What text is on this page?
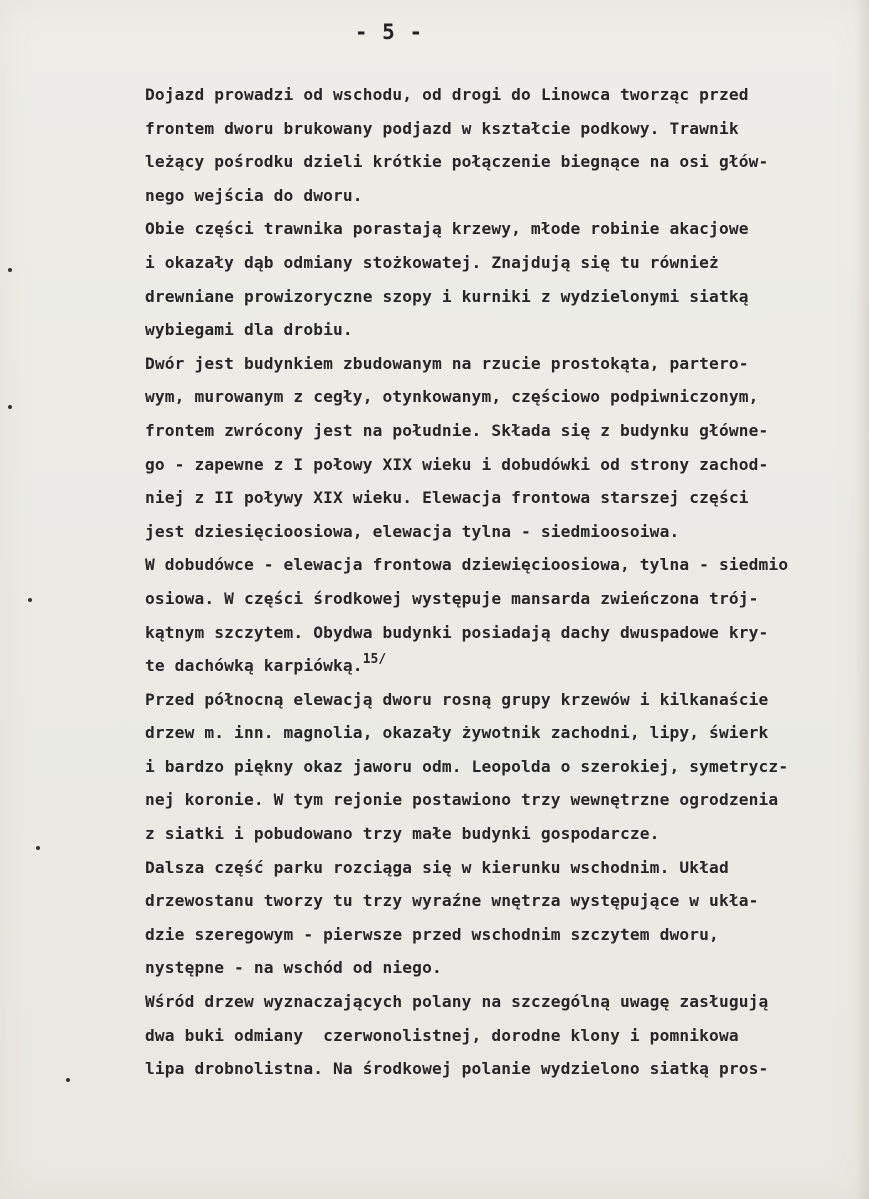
- 5 -
Dojazd prowadzi od wschodu, od drogi do Linowca tworząc przed
frontem dworu brukowany podjazd w kształcie podkowy. Trawnik
leżący pośrodku dzieli krótkie połączenie biegnące na osi głów-
nego wejścia do dworu.
Obie części trawnika porastają krzewy, młode robinie akacjowe
i okazały dąb odmiany stożkowatej. Znajdują się tu również
drewniane prowizoryczne szopy i kurniki z wydzielonymi siatką
wybiegami dla drobiu.
Dwór jest budynkiem zbudowanym na rzucie prostokąta, partero-
wym, murowanym z cegły, otynkowanym, częściowo podpiwniczonym,
frontem zwrócony jest na południe. Składa się z budynku główne-
go - zapewne z I połowy XIX wieku i dobudówki od strony zachod-
niej z II poływy XIX wieku. Elewacja frontowa starszej części
jest dziesięcioosiowa, elewacja tylna - siedmioosoiwa.
W dobudówce - elewacja frontowa dziewięcioosiowa, tylna - siedmio
osiowa. W części środkowej występuje mansarda zwieńczona trój-
kątnym szczytem. Obydwa budynki posiadają dachy dwuspadowe kry-
te dachówką karpiówką.$^{15/}$
Przed północną elewacją dworu rosną grupy krzewów i kilkanaście
drzew m. inn. magnolia, okazały żywotnik zachodni, lipy, świerk
i bardzo piękny okaz jaworu odm. Leopolda o szerokiej, symetrycz-
nej koronie. W tym rejonie postawiono trzy wewnętrzne ogrodzenia
z siatki i pobudowano trzy małe budynki gospodarcze.
Dalsza część parku rozciąga się w kierunku wschodnim. Układ
drzewostanu tworzy tu trzy wyraźne wnętrza występujące w ukła-
dzie szeregowym - pierwsze przed wschodnim szczytem dworu,
nystępne - na wschód od niego.
Wśród drzew wyznaczających polany na szczególną uwagę zasługują
dwa buki odmiany  czerwonolistnej, dorodne klony i pomnikowa
lipa drobnolistna. Na środkowej polanie wydzielono siatką pros-
